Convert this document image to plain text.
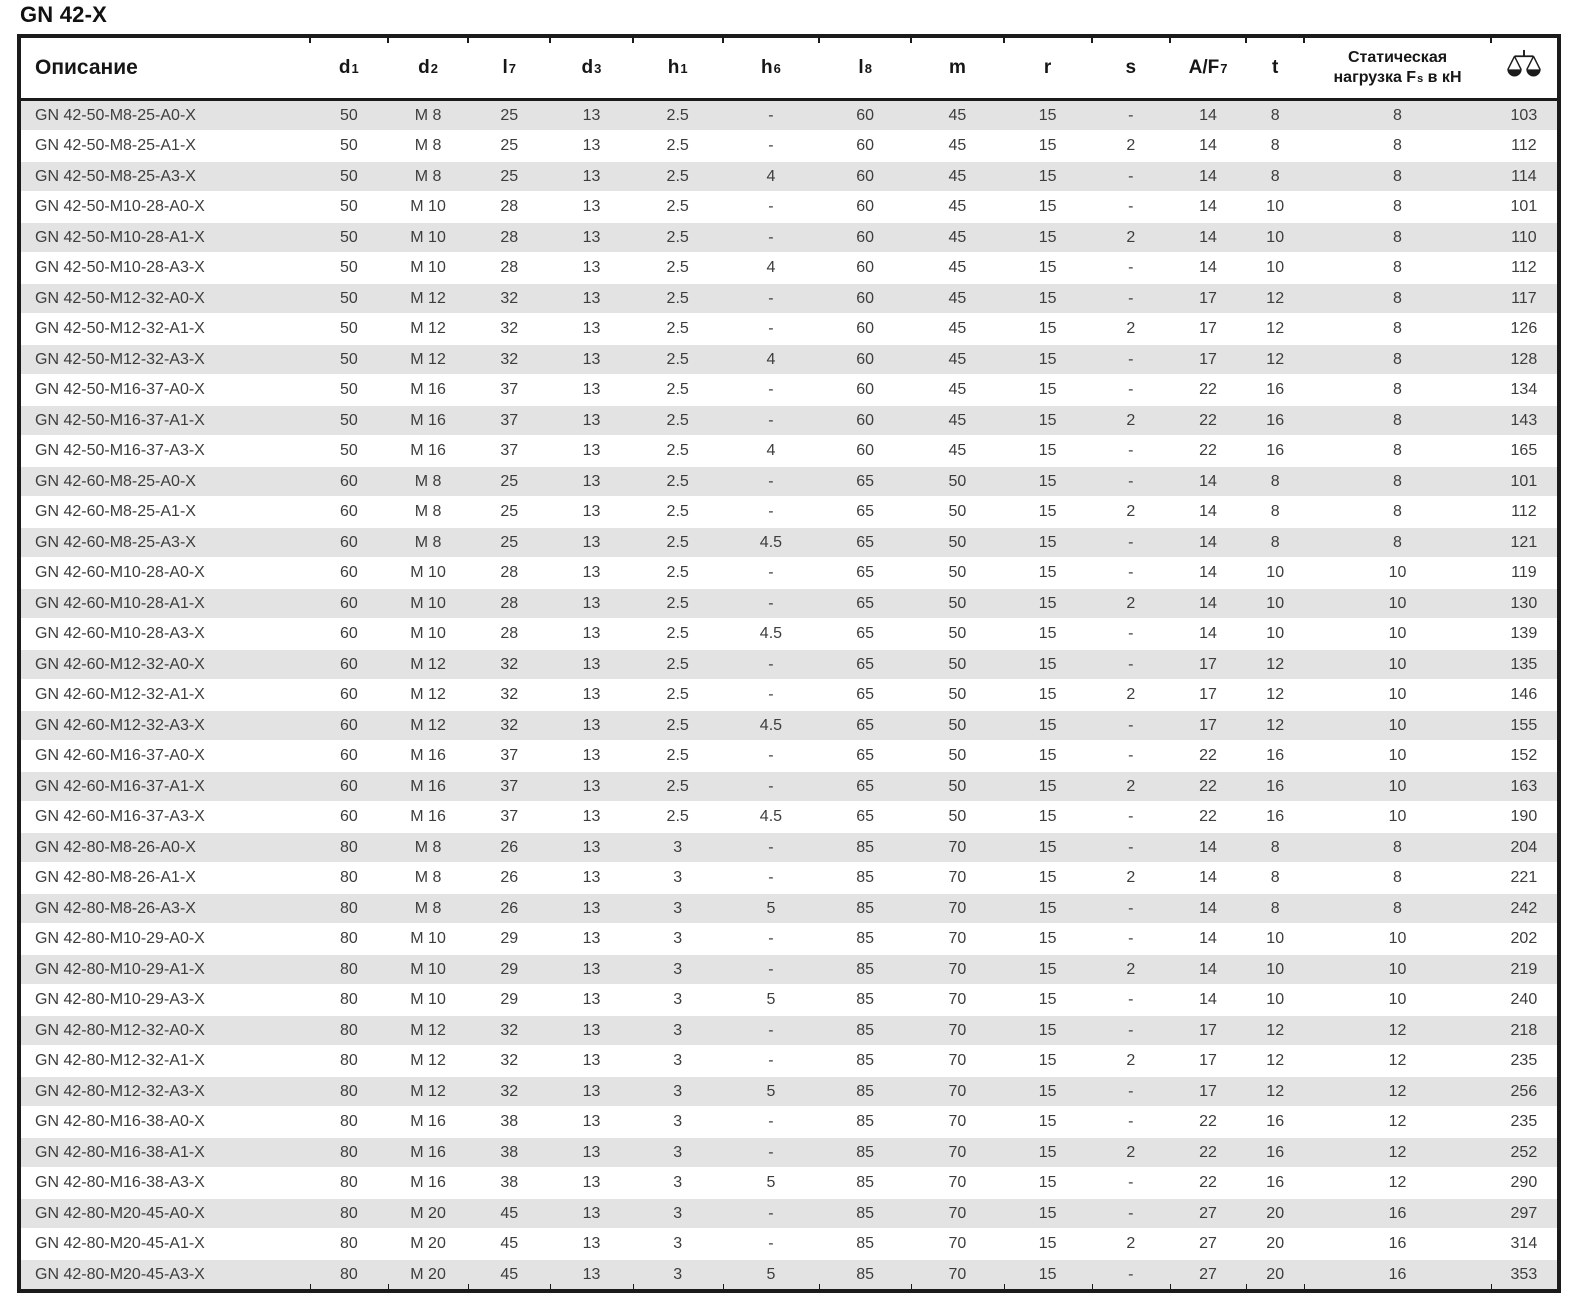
GN 42-X
Описание	d1	d2	l7	d3	h1	h6	l8	m	r	s	A/F7	t	Статическая
нагрузка Fs в кН

GN 42-50-M8-25-A0-X	50	M 8	25	13	2.5	-	60	45	15	-	14	8	8	103
GN 42-50-M8-25-A1-X	50	M 8	25	13	2.5	-	60	45	15	2	14	8	8	112
GN 42-50-M8-25-A3-X	50	M 8	25	13	2.5	4	60	45	15	-	14	8	8	114
GN 42-50-M10-28-A0-X	50	M 10	28	13	2.5	-	60	45	15	-	14	10	8	101
GN 42-50-M10-28-A1-X	50	M 10	28	13	2.5	-	60	45	15	2	14	10	8	110
GN 42-50-M10-28-A3-X	50	M 10	28	13	2.5	4	60	45	15	-	14	10	8	112
GN 42-50-M12-32-A0-X	50	M 12	32	13	2.5	-	60	45	15	-	17	12	8	117
GN 42-50-M12-32-A1-X	50	M 12	32	13	2.5	-	60	45	15	2	17	12	8	126
GN 42-50-M12-32-A3-X	50	M 12	32	13	2.5	4	60	45	15	-	17	12	8	128
GN 42-50-M16-37-A0-X	50	M 16	37	13	2.5	-	60	45	15	-	22	16	8	134
GN 42-50-M16-37-A1-X	50	M 16	37	13	2.5	-	60	45	15	2	22	16	8	143
GN 42-50-M16-37-A3-X	50	M 16	37	13	2.5	4	60	45	15	-	22	16	8	165
GN 42-60-M8-25-A0-X	60	M 8	25	13	2.5	-	65	50	15	-	14	8	8	101
GN 42-60-M8-25-A1-X	60	M 8	25	13	2.5	-	65	50	15	2	14	8	8	112
GN 42-60-M8-25-A3-X	60	M 8	25	13	2.5	4.5	65	50	15	-	14	8	8	121
GN 42-60-M10-28-A0-X	60	M 10	28	13	2.5	-	65	50	15	-	14	10	10	119
GN 42-60-M10-28-A1-X	60	M 10	28	13	2.5	-	65	50	15	2	14	10	10	130
GN 42-60-M10-28-A3-X	60	M 10	28	13	2.5	4.5	65	50	15	-	14	10	10	139
GN 42-60-M12-32-A0-X	60	M 12	32	13	2.5	-	65	50	15	-	17	12	10	135
GN 42-60-M12-32-A1-X	60	M 12	32	13	2.5	-	65	50	15	2	17	12	10	146
GN 42-60-M12-32-A3-X	60	M 12	32	13	2.5	4.5	65	50	15	-	17	12	10	155
GN 42-60-M16-37-A0-X	60	M 16	37	13	2.5	-	65	50	15	-	22	16	10	152
GN 42-60-M16-37-A1-X	60	M 16	37	13	2.5	-	65	50	15	2	22	16	10	163
GN 42-60-M16-37-A3-X	60	M 16	37	13	2.5	4.5	65	50	15	-	22	16	10	190
GN 42-80-M8-26-A0-X	80	M 8	26	13	3	-	85	70	15	-	14	8	8	204
GN 42-80-M8-26-A1-X	80	M 8	26	13	3	-	85	70	15	2	14	8	8	221
GN 42-80-M8-26-A3-X	80	M 8	26	13	3	5	85	70	15	-	14	8	8	242
GN 42-80-M10-29-A0-X	80	M 10	29	13	3	-	85	70	15	-	14	10	10	202
GN 42-80-M10-29-A1-X	80	M 10	29	13	3	-	85	70	15	2	14	10	10	219
GN 42-80-M10-29-A3-X	80	M 10	29	13	3	5	85	70	15	-	14	10	10	240
GN 42-80-M12-32-A0-X	80	M 12	32	13	3	-	85	70	15	-	17	12	12	218
GN 42-80-M12-32-A1-X	80	M 12	32	13	3	-	85	70	15	2	17	12	12	235
GN 42-80-M12-32-A3-X	80	M 12	32	13	3	5	85	70	15	-	17	12	12	256
GN 42-80-M16-38-A0-X	80	M 16	38	13	3	-	85	70	15	-	22	16	12	235
GN 42-80-M16-38-A1-X	80	M 16	38	13	3	-	85	70	15	2	22	16	12	252
GN 42-80-M16-38-A3-X	80	M 16	38	13	3	5	85	70	15	-	22	16	12	290
GN 42-80-M20-45-A0-X	80	M 20	45	13	3	-	85	70	15	-	27	20	16	297
GN 42-80-M20-45-A1-X	80	M 20	45	13	3	-	85	70	15	2	27	20	16	314
GN 42-80-M20-45-A3-X	80	M 20	45	13	3	5	85	70	15	-	27	20	16	353
